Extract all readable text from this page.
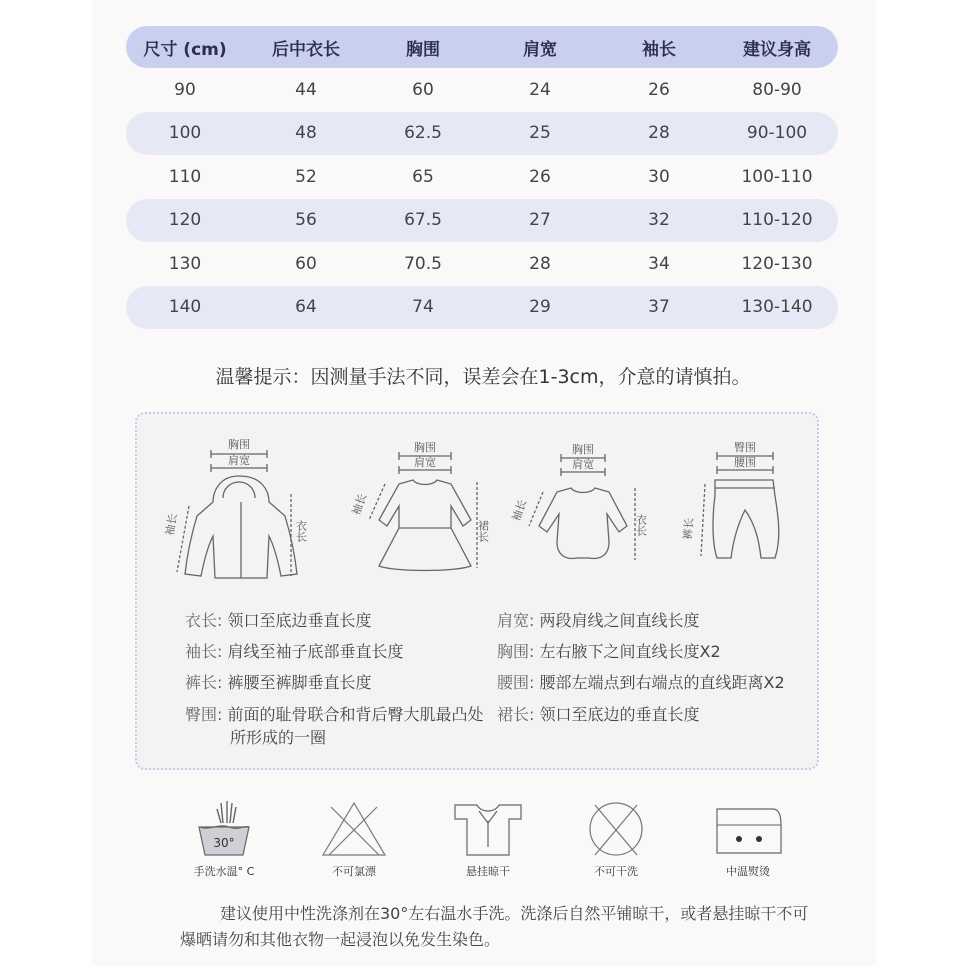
尺寸 (cm)	后中衣长	胸围	肩宽	袖长	建议身高
90	44	60	24	26	80-90
100	48	62.5	25	28	90-100
110	52	65	26	30	100-110
120	56	67.5	27	32	110-120
130	60	70.5	28	34	120-130
140	64	74	29	37	130-140
温馨提示：因测量手法不同，误差会在1-3cm，介意的请慎拍。
胸围
肩宽
袖长	衣长
胸围
肩宽
袖长
裙长
胸围
肩宽
袖长
衣长
臀围
腰围
裤长
衣长: 领口至底边垂直长度	肩宽: 两段肩线之间直线长度
袖长: 肩线至袖子底部垂直长度	胸围: 左右腋下之间直线长度X2
裤长: 裤腰至裤脚垂直长度	腰围: 腰部左端点到右端点的直线距离X2
臀围: 前面的耻骨联合和背后臀大肌最凸处
所形成的一圈
裙长: 领口至底边的垂直长度
30°
手洗水温° C	不可氯漂	悬挂晾干	不可干洗	中温熨烫
建议使用中性洗涤剂在30°左右温水手洗。洗涤后自然平铺晾干，或者悬挂晾干不可爆晒请勿和其他衣物一起浸泡以免发生染色。
